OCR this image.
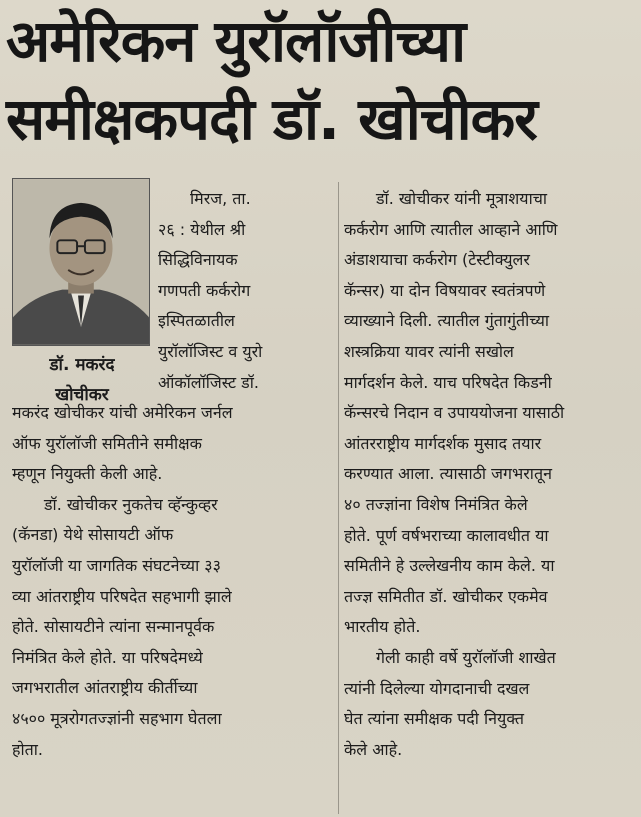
अमेरिकन युरॉलॉजीच्या
समीक्षकपदी डॉ. खोचीकर
डॉ. मकरंद
खोचीकर
मिरज, ता.
२६ : येथील श्री
सिद्धिविनायक
गणपती कर्करोग
इस्पितळातील
युरॉलॉजिस्ट व युरो
ऑकॉलॉजिस्ट डॉ.
मकरंद खोचीकर यांची अमेरिकन जर्नल
ऑफ युरॉलॉजी समितीने समीक्षक
म्हणून नियुक्ती केली आहे.
डॉ. खोचीकर नुकतेच व्हॅन्कुव्हर
(कॅनडा) येथे सोसायटी ऑफ
युरॉलॉजी या जागतिक संघटनेच्या ३३
व्या आंतराष्ट्रीय परिषदेत सहभागी झाले
होते. सोसायटीने त्यांना सन्मानपूर्वक
निमंत्रित केले होते. या परिषदेमध्ये
जगभरातील आंतराष्ट्रीय कीर्तीच्या
४५०० मूत्ररोगतज्ज्ञांनी सहभाग घेतला
होता.
डॉ. खोचीकर यांनी मूत्राशयाचा
कर्करोग आणि त्यातील आव्हाने आणि
अंडाशयाचा कर्करोग (टेस्टीक्युलर
कॅन्सर) या दोन विषयावर स्वतंत्रपणे
व्याख्याने दिली. त्यातील गुंतागुंतीच्या
शस्त्रक्रिया यावर त्यांनी सखोल
मार्गदर्शन केले. याच परिषदेत किडनी
कॅन्सरचे निदान व उपाययोजना यासाठी
आंतरराष्ट्रीय मार्गदर्शक मुसाद तयार
करण्यात आला. त्यासाठी जगभरातून
४० तज्ज्ञांना विशेष निमंत्रित केले
होते. पूर्ण वर्षभराच्या कालावधीत या
समितीने हे उल्लेखनीय काम केले. या
तज्ज्ञ समितीत डॉ. खोचीकर एकमेव
भारतीय होते.
गेली काही वर्षे युरॉलॉजी शाखेत
त्यांनी दिलेल्या योगदानाची दखल
घेत त्यांना समीक्षक पदी नियुक्त
केले आहे.
